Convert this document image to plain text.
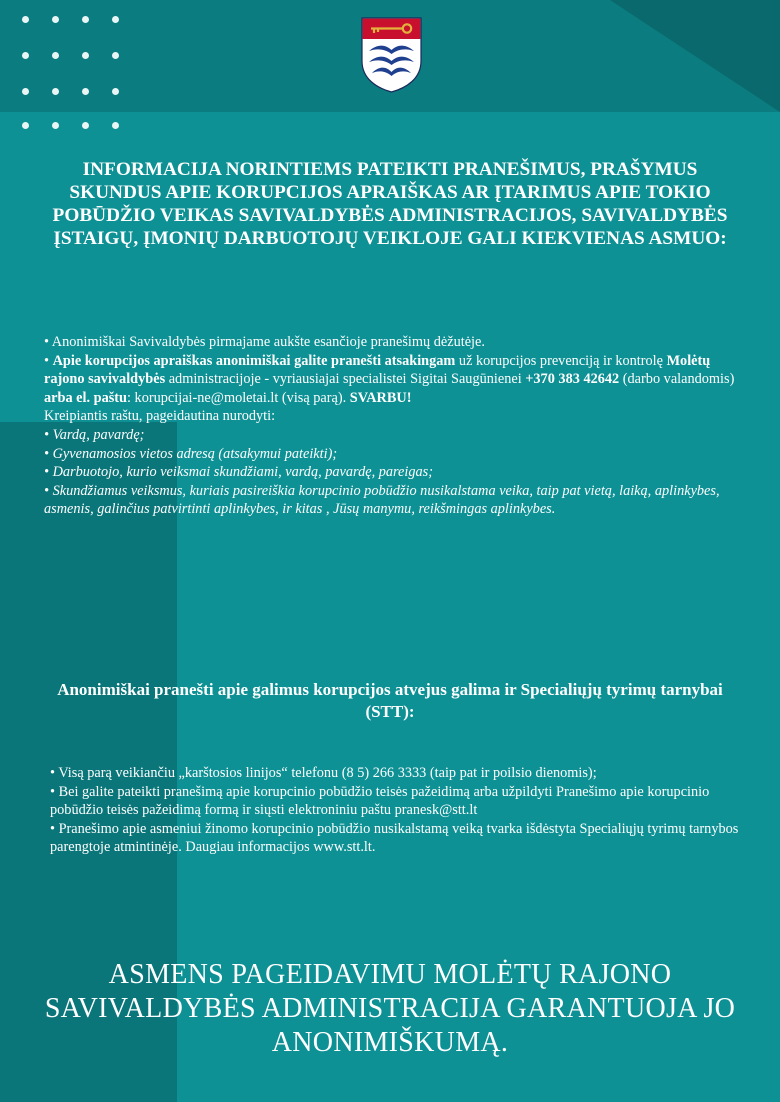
INFORMACIJA NORINTIEMS PATEIKTI PRANEŠIMUS, PRAŠYMUS SKUNDUS APIE KORUPCIJOS APRAIŠKAS AR ĮTARIMUS APIE TOKIO POBŪDŽIO VEIKAS SAVIVALDYBĖS ADMINISTRACIJOS, SAVIVALDYBĖS ĮSTAIGŲ, ĮMONIŲ DARBUOTOJŲ VEIKLOJE GALI KIEKVIENAS ASMUO:

• Anonimiškai Savivaldybės pirmajame aukšte esančioje pranešimų dėžutėje.

• Apie korupcijos apraiškas anonimiškai galite pranešti atsakingam už korupcijos prevenciją ir kontrolę Molėtų rajono savivaldybės administracijoje - vyriausiajai specialistei Sigitai Saugūnienei +370 383 42642 (darbo valandomis) arba el. paštu: korupcijai-ne@moletai.lt (visą parą). SVARBU!

Kreipiantis raštu, pageidautina nurodyti:

• Vardą, pavardę;

• Gyvenamosios vietos adresą (atsakymui pateikti);

• Darbuotojo, kurio veiksmai skundžiami, vardą, pavardę, pareigas;

• Skundžiamus veiksmus, kuriais pasireiškia korupcinio pobūdžio nusikalstama veika, taip pat vietą, laiką, aplinkybes, asmenis, galinčius patvirtinti aplinkybes, ir kitas , Jūsų manymu, reikšmingas aplinkybes.

Anonimiškai pranešti apie galimus korupcijos atvejus galima ir Specialiųjų tyrimų tarnybai (STT):

• Visą parą veikiančiu „karštosios linijos“ telefonu (8 5) 266 3333 (taip pat ir poilsio dienomis);

• Bei galite pateikti pranešimą apie korupcinio pobūdžio teisės pažeidimą arba užpildyti Pranešimo apie korupcinio pobūdžio teisės pažeidimą formą ir siųsti elektroniniu paštu pranesk@stt.lt

• Pranešimo apie asmeniui žinomo korupcinio pobūdžio nusikalstamą veiką tvarka išdėstyta Specialiųjų tyrimų tarnybos parengtoje atmintinėje. Daugiau informacijos www.stt.lt.

ASMENS PAGEIDAVIMU MOLĖTŲ RAJONO SAVIVALDYBĖS ADMINISTRACIJA GARANTUOJA JO ANONIMIŠKUMĄ.
